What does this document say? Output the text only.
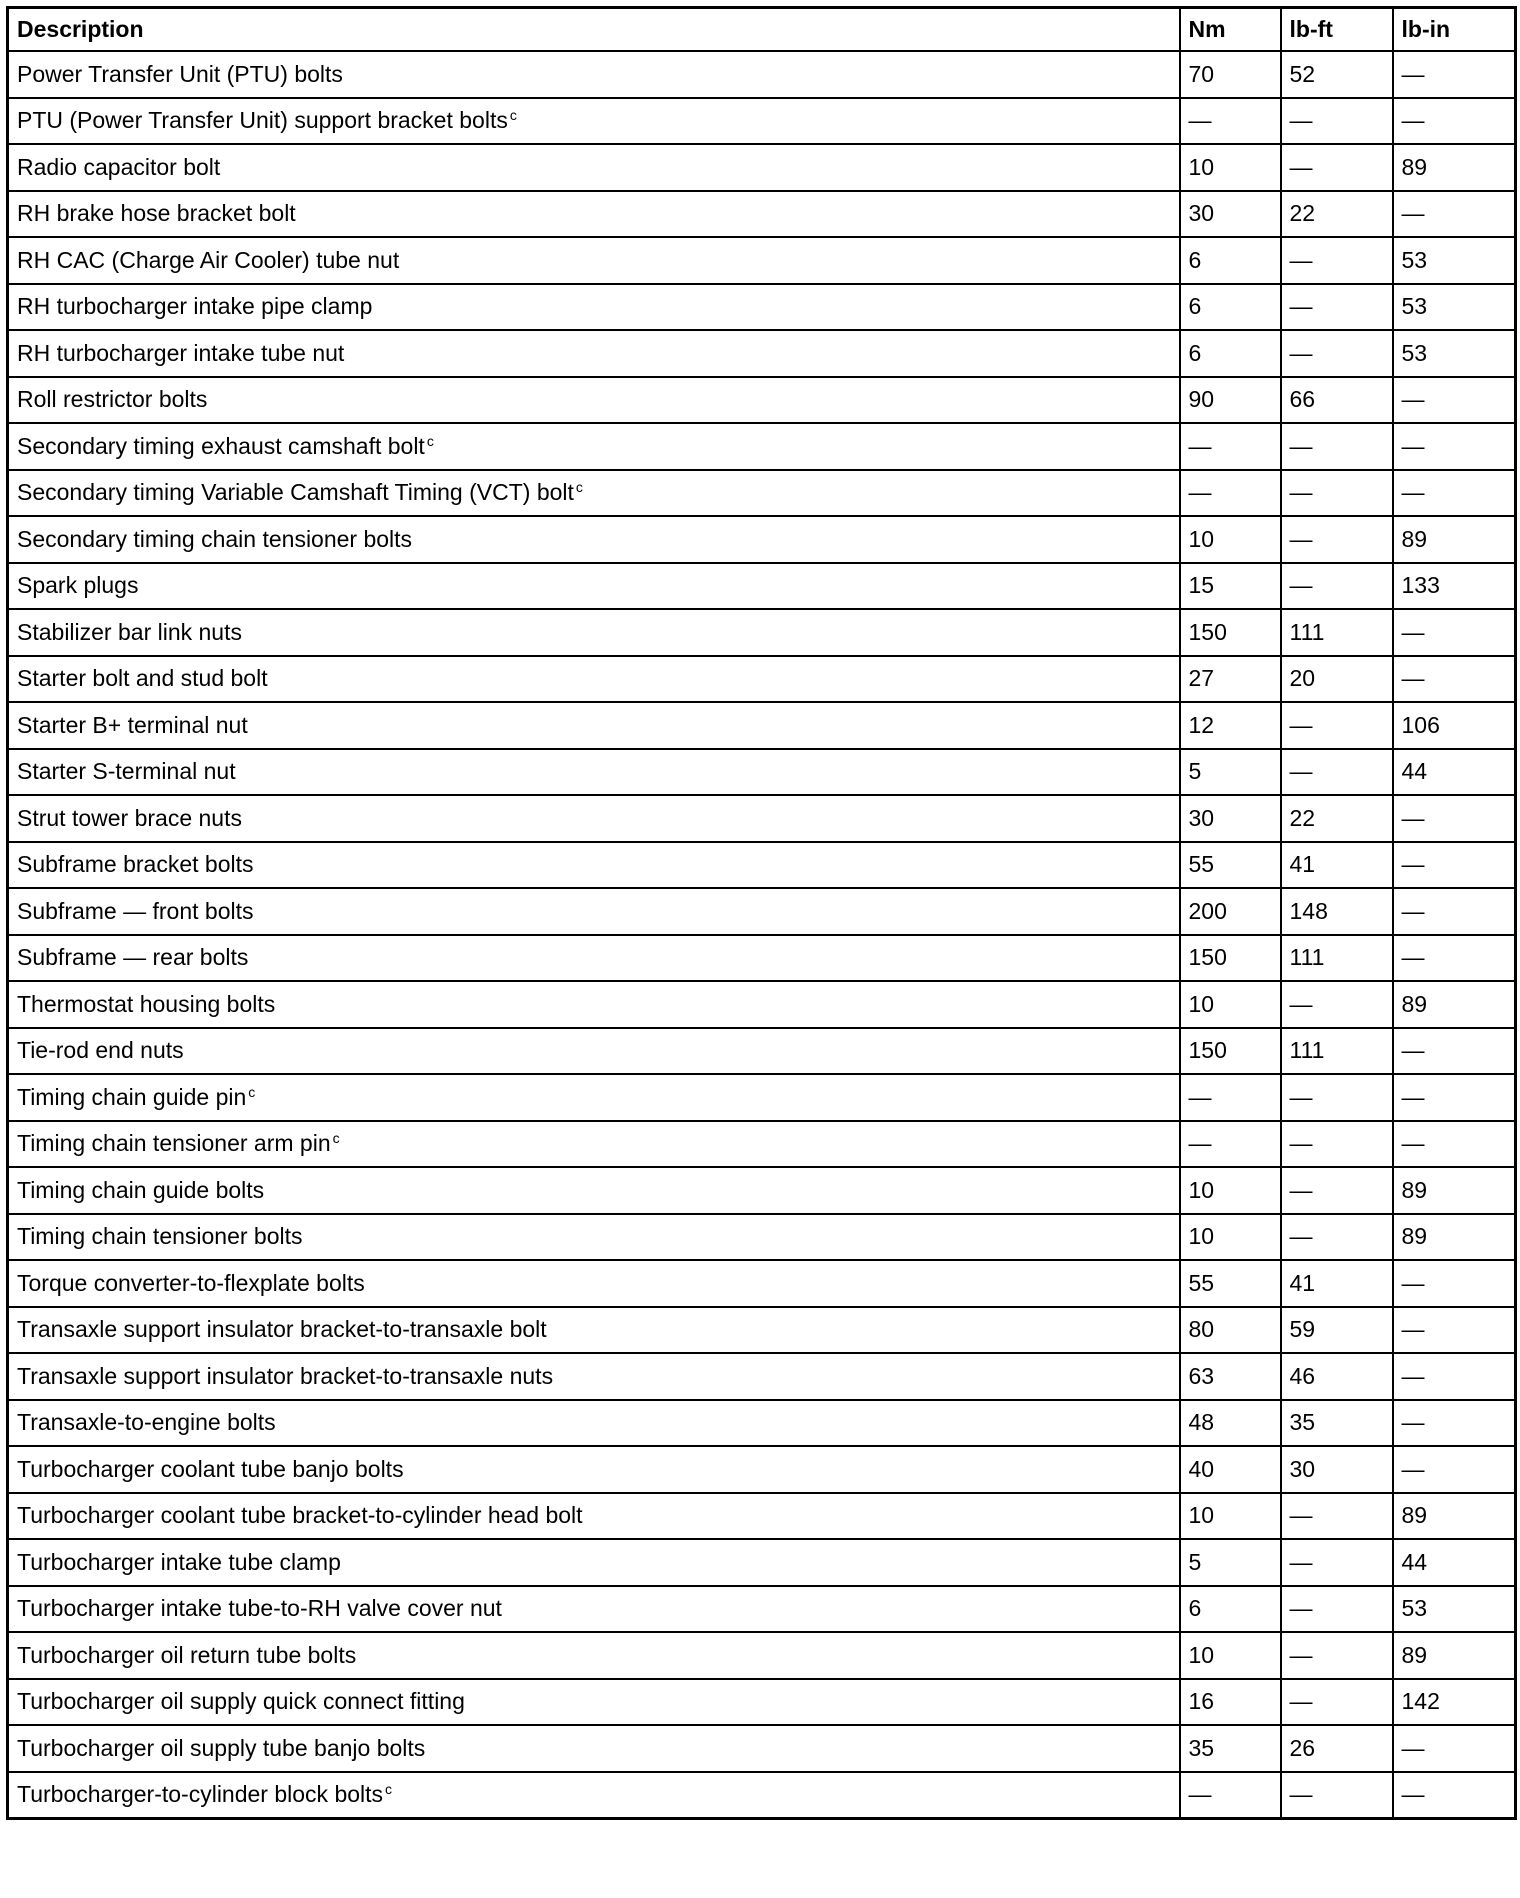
Description	Nm	lb-ft	lb-in
Power Transfer Unit (PTU) bolts	70	52	—
PTU (Power Transfer Unit) support bracket bolts $^c$	—	—	—
Radio capacitor bolt	10	—	89
RH brake hose bracket bolt	30	22	—
RH CAC (Charge Air Cooler) tube nut	6	—	53
RH turbocharger intake pipe clamp	6	—	53
RH turbocharger intake tube nut	6	—	53
Roll restrictor bolts	90	66	—
Secondary timing exhaust camshaft bolt $^c$	—	—	—
Secondary timing Variable Camshaft Timing (VCT) bolt $^c$	—	—	—
Secondary timing chain tensioner bolts	10	—	89
Spark plugs	15	—	133
Stabilizer bar link nuts	150	111	—
Starter bolt and stud bolt	27	20	—
Starter B+ terminal nut	12	—	106
Starter S-terminal nut	5	—	44
Strut tower brace nuts	30	22	—
Subframe bracket bolts	55	41	—
Subframe — front bolts	200	148	—
Subframe — rear bolts	150	111	—
Thermostat housing bolts	10	—	89
Tie-rod end nuts	150	111	—
Timing chain guide pin $^c$	—	—	—
Timing chain tensioner arm pin $^c$	—	—	—
Timing chain guide bolts	10	—	89
Timing chain tensioner bolts	10	—	89
Torque converter-to-flexplate bolts	55	41	—
Transaxle support insulator bracket-to-transaxle bolt	80	59	—
Transaxle support insulator bracket-to-transaxle nuts	63	46	—
Transaxle-to-engine bolts	48	35	—
Turbocharger coolant tube banjo bolts	40	30	—
Turbocharger coolant tube bracket-to-cylinder head bolt	10	—	89
Turbocharger intake tube clamp	5	—	44
Turbocharger intake tube-to-RH valve cover nut	6	—	53
Turbocharger oil return tube bolts	10	—	89
Turbocharger oil supply quick connect fitting	16	—	142
Turbocharger oil supply tube banjo bolts	35	26	—
Turbocharger-to-cylinder block bolts $^c$	—	—	—
